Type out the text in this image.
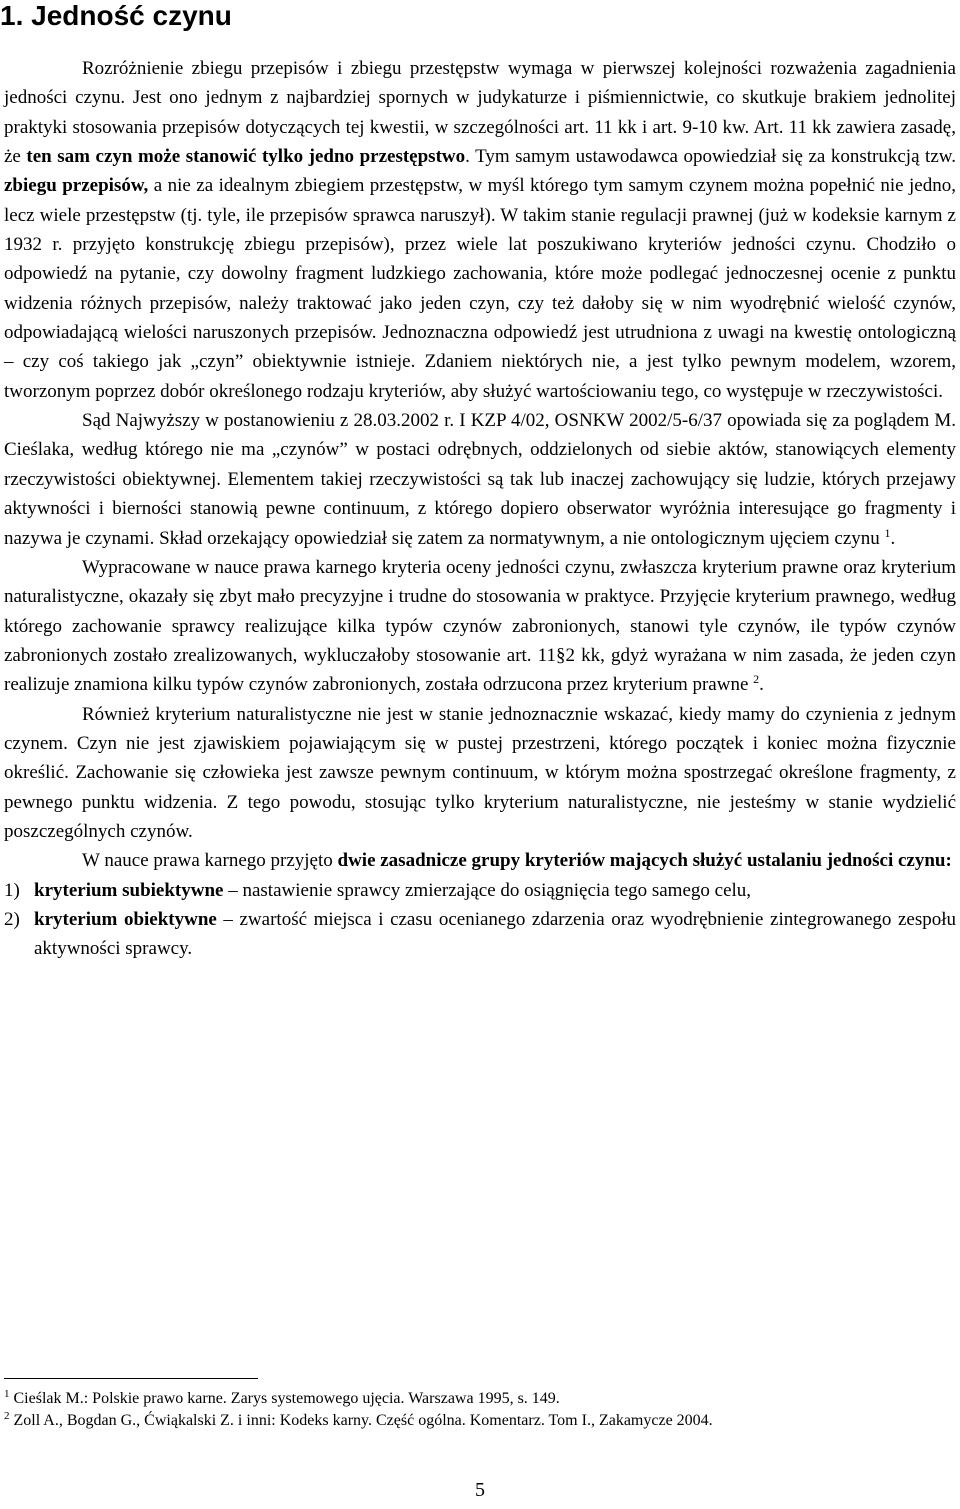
1. Jedność czynu

Rozróżnienie zbiegu przepisów i zbiegu przestępstw wymaga w pierwszej kolejności rozważenia zagadnienia jedności czynu. Jest ono jednym z najbardziej spornych w judykaturze i piśmiennictwie, co skutkuje brakiem jednolitej praktyki stosowania przepisów dotyczących tej kwestii, w szczególności art. 11 kk i art. 9-10 kw. Art. 11 kk zawiera zasadę, że ten sam czyn może stanowić tylko jedno przestępstwo. Tym samym ustawodawca opowiedział się za konstrukcją tzw. zbiegu przepisów, a nie za idealnym zbiegiem przestępstw, w myśl którego tym samym czynem można popełnić nie jedno, lecz wiele przestępstw (tj. tyle, ile przepisów sprawca naruszył). W takim stanie regulacji prawnej (już w kodeksie karnym z 1932 r. przyjęto konstrukcję zbiegu przepisów), przez wiele lat poszukiwano kryteriów jedności czynu. Chodziło o odpowiedź na pytanie, czy dowolny fragment ludzkiego zachowania, które może podlegać jednoczesnej ocenie z punktu widzenia różnych przepisów, należy traktować jako jeden czyn, czy też dałoby się w nim wyodrębnić wielość czynów, odpowiadającą wielości naruszonych przepisów. Jednoznaczna odpowiedź jest utrudniona z uwagi na kwestię ontologiczną – czy coś takiego jak „czyn” obiektywnie istnieje. Zdaniem niektórych nie, a jest tylko pewnym modelem, wzorem, tworzonym poprzez dobór określonego rodzaju kryteriów, aby służyć wartościowaniu tego, co występuje w rzeczywistości.

Sąd Najwyższy w postanowieniu z 28.03.2002 r. I KZP 4/02, OSNKW 2002/5-6/37 opowiada się za poglądem M. Cieślaka, według którego nie ma „czynów” w postaci odrębnych, oddzielonych od siebie aktów, stanowiących elementy rzeczywistości obiektywnej. Elementem takiej rzeczywistości są tak lub inaczej zachowujący się ludzie, których przejawy aktywności i bierności stanowią pewne continuum, z którego dopiero obserwator wyróżnia interesujące go fragmenty i nazywa je czynami. Skład orzekający opowiedział się zatem za normatywnym, a nie ontologicznym ujęciem czynu $^1$.

Wypracowane w nauce prawa karnego kryteria oceny jedności czynu, zwłaszcza kryterium prawne oraz kryterium naturalistyczne, okazały się zbyt mało precyzyjne i trudne do stosowania w praktyce. Przyjęcie kryterium prawnego, według którego zachowanie sprawcy realizujące kilka typów czynów zabronionych, stanowi tyle czynów, ile typów czynów zabronionych zostało zrealizowanych, wykluczałoby stosowanie art. 11§2 kk, gdyż wyrażana w nim zasada, że jeden czyn realizuje znamiona kilku typów czynów zabronionych, została odrzucona przez kryterium prawne $^2$.

Również kryterium naturalistyczne nie jest w stanie jednoznacznie wskazać, kiedy mamy do czynienia z jednym czynem. Czyn nie jest zjawiskiem pojawiającym się w pustej przestrzeni, którego początek i koniec można fizycznie określić. Zachowanie się człowieka jest zawsze pewnym continuum, w którym można spostrzegać określone fragmenty, z pewnego punktu widzenia. Z tego powodu, stosując tylko kryterium naturalistyczne, nie jesteśmy w stanie wydzielić poszczególnych czynów.

W nauce prawa karnego przyjęto dwie zasadnicze grupy kryteriów mających służyć ustalaniu jedności czynu:

1) kryterium subiektywne – nastawienie sprawcy zmierzające do osiągnięcia tego samego celu,
2) kryterium obiektywne – zwartość miejsca i czasu ocenianego zdarzenia oraz wyodrębnienie zintegrowanego zespołu aktywności sprawcy.
$^1$ Cieślak M.: Polskie prawo karne. Zarys systemowego ujęcia. Warszawa 1995, s. 149.
$^2$ Zoll A., Bogdan G., Ćwiąkalski Z. i inni: Kodeks karny. Część ogólna. Komentarz. Tom I., Zakamycze 2004.
5
